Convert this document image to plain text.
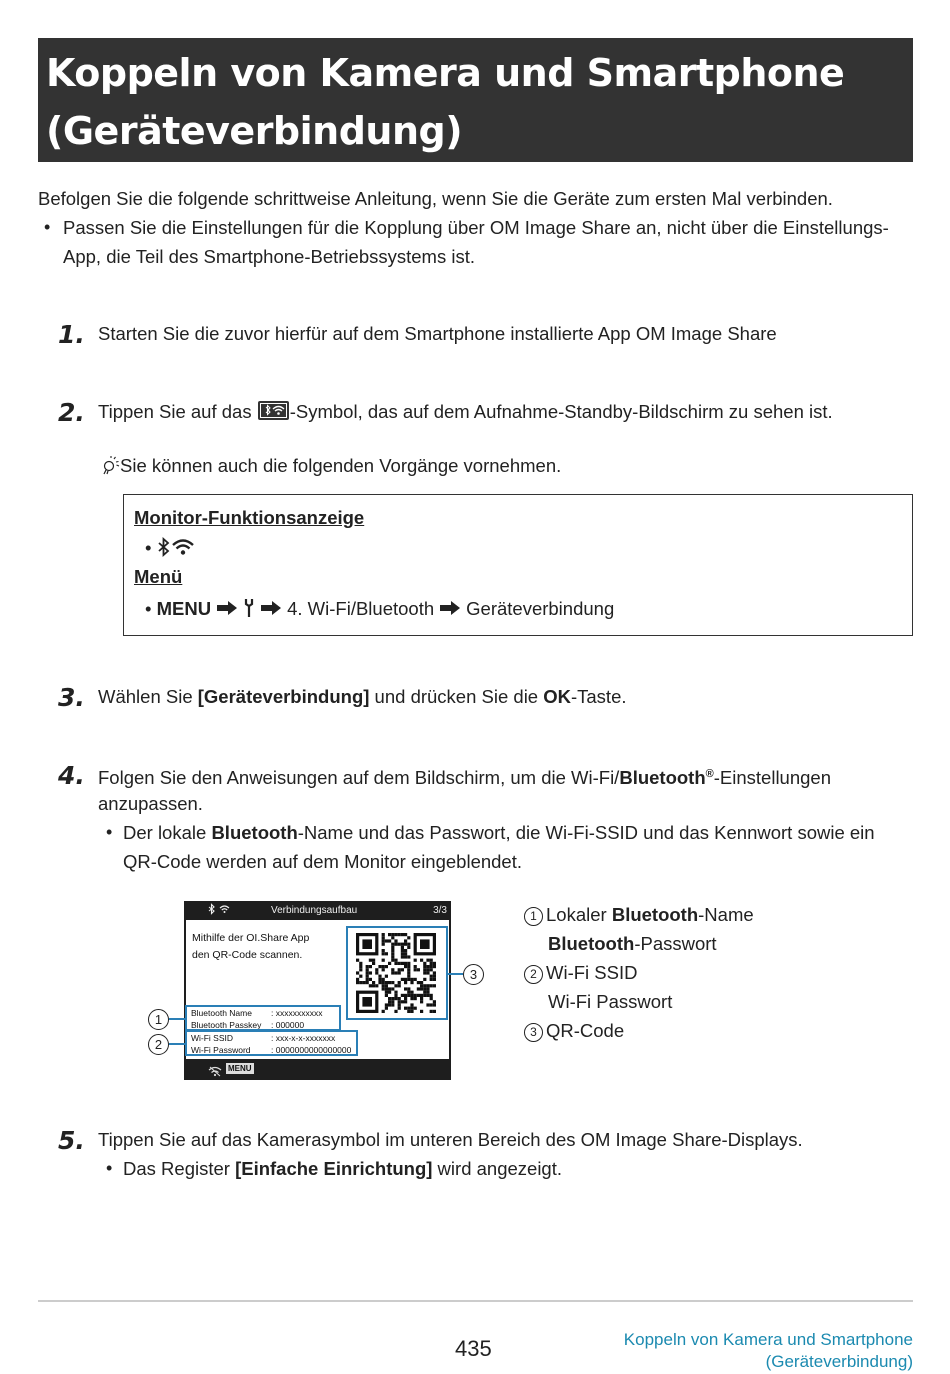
Koppeln von Kamera und Smartphone
(Geräteverbindung)
Befolgen Sie die folgende schrittweise Anleitung, wenn Sie die Geräte zum ersten Mal verbinden.
• Passen Sie die Einstellungen für die Kopplung über OM Image Share an, nicht über die Einstellungs-
App, die Teil des Smartphone-Betriebssystems ist.
1. Starten Sie die zuvor hierfür auf dem Smartphone installierte App OM Image Share
2. Tippen Sie auf das -Symbol, das auf dem Aufnahme-Standby-Bildschirm zu sehen ist.
Sie können auch die folgenden Vorgänge vornehmen.
Monitor-Funktionsanzeige
•
Menü
• MENU	4. Wi-Fi/Bluetooth Geräteverbindung
3. Wählen Sie [Geräteverbindung] und drücken Sie die OK-Taste.
4. Folgen Sie den Anweisungen auf dem Bildschirm, um die Wi-Fi/Bluetooth®-Einstellungen
anzupassen.
• Der lokale Bluetooth-Name und das Passwort, die Wi-Fi-SSID und das Kennwort sowie ein
QR-Code werden auf dem Monitor eingeblendet.
Verbindungsaufbau	3/3
Mithilfe der OI.Share App
den QR-Code scannen.
Bluetooth Name : xxxxxxxxxxx
Bluetooth Passkey : 000000
Wi-Fi SSID	: xxx-x-x-xxxxxxx
Wi-Fi Password : 0000000000000000
MENU
1
2
3
1 Lokaler Bluetooth-Name
Bluetooth-Passwort
2 Wi-Fi SSID
Wi-Fi Passwort
3 QR-Code
5. Tippen Sie auf das Kamerasymbol im unteren Bereich des OM Image Share-Displays.
• Das Register [Einfache Einrichtung] wird angezeigt.
435	Koppeln von Kamera und Smartphone
(Geräteverbindung)
